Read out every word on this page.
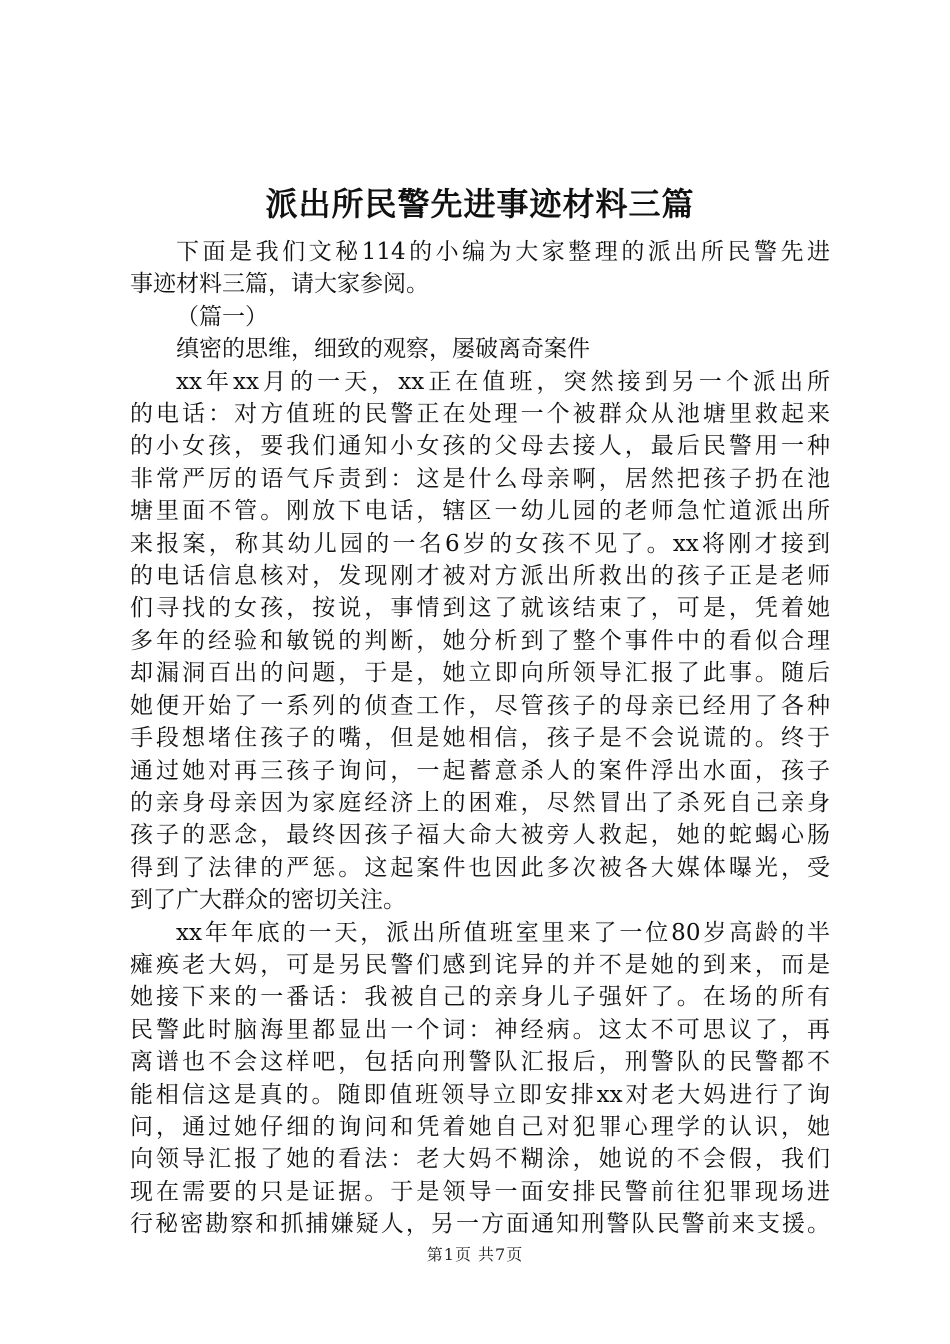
派出所民警先进事迹材料三篇
下面是我们文秘114的小编为大家整理的派出所民警先进
事迹材料三篇，请大家参阅。
（篇一）
缜密的思维，细致的观察，屡破离奇案件
xx年xx月的一天，xx正在值班，突然接到另一个派出所
的电话：对方值班的民警正在处理一个被群众从池塘里救起来
的小女孩，要我们通知小女孩的父母去接人，最后民警用一种
非常严厉的语气斥责到：这是什么母亲啊，居然把孩子扔在池
塘里面不管。刚放下电话，辖区一幼儿园的老师急忙道派出所
来报案，称其幼儿园的一名6岁的女孩不见了。xx将刚才接到
的电话信息核对，发现刚才被对方派出所救出的孩子正是老师
们寻找的女孩，按说，事情到这了就该结束了，可是，凭着她
多年的经验和敏锐的判断，她分析到了整个事件中的看似合理
却漏洞百出的问题，于是，她立即向所领导汇报了此事。随后
她便开始了一系列的侦查工作，尽管孩子的母亲已经用了各种
手段想堵住孩子的嘴，但是她相信，孩子是不会说谎的。终于
通过她对再三孩子询问，一起蓄意杀人的案件浮出水面，孩子
的亲身母亲因为家庭经济上的困难，尽然冒出了杀死自己亲身
孩子的恶念，最终因孩子福大命大被旁人救起，她的蛇蝎心肠
得到了法律的严惩。这起案件也因此多次被各大媒体曝光，受
到了广大群众的密切关注。
xx年年底的一天，派出所值班室里来了一位80岁高龄的半
瘫痪老大妈，可是另民警们感到诧异的并不是她的到来，而是
她接下来的一番话：我被自己的亲身儿子强奸了。在场的所有
民警此时脑海里都显出一个词：神经病。这太不可思议了，再
离谱也不会这样吧，包括向刑警队汇报后，刑警队的民警都不
能相信这是真的。随即值班领导立即安排xx对老大妈进行了询
问，通过她仔细的询问和凭着她自己对犯罪心理学的认识，她
向领导汇报了她的看法：老大妈不糊涂，她说的不会假，我们
现在需要的只是证据。于是领导一面安排民警前往犯罪现场进
行秘密勘察和抓捕嫌疑人，另一方面通知刑警队民警前来支援。
第1页 共7页
